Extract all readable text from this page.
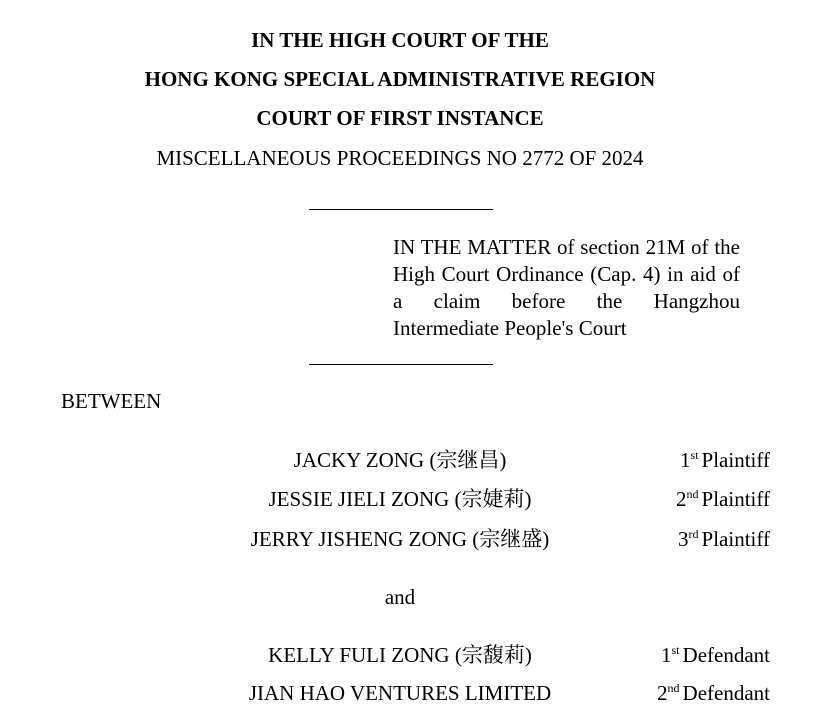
IN THE HIGH COURT OF THE
HONG KONG SPECIAL ADMINISTRATIVE REGION
COURT OF FIRST INSTANCE
MISCELLANEOUS PROCEEDINGS NO 2772 OF 2024
IN THE MATTER of section 21M of the High Court Ordinance (Cap. 4) in aid of a claim before the Hangzhou Intermediate People's Court
BETWEEN
JACKY ZONG (宗继昌)	1st Plaintiff
JESSIE JIELI ZONG (宗婕莉)	2nd Plaintiff
JERRY JISHENG ZONG (宗继盛)	3rd Plaintiff
and
KELLY FULI ZONG (宗馥莉)	1st Defendant
JIAN HAO VENTURES LIMITED	2nd Defendant
